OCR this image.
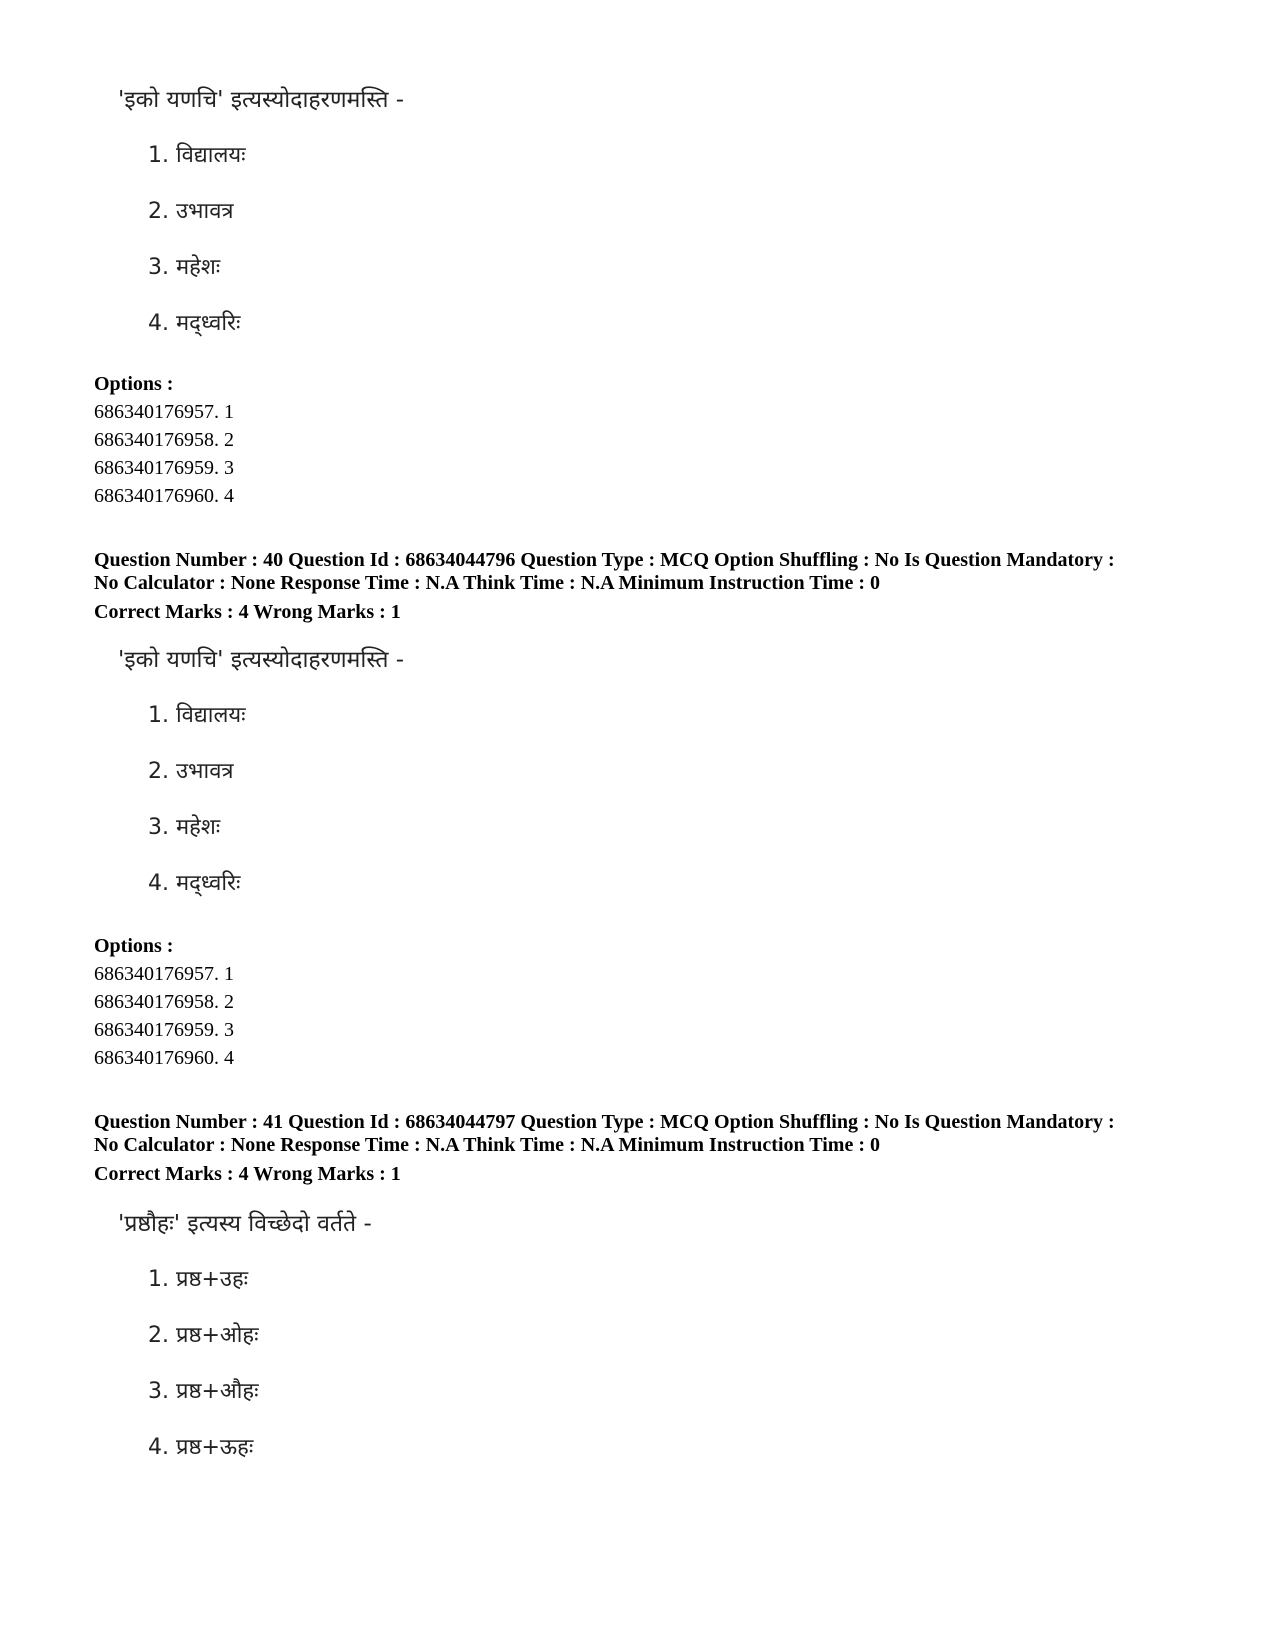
'इको यणचि' इत्यस्योदाहरणमस्ति -
1. विद्यालयः
2. उभावत्र
3. महेशः
4. मद्ध्वरिः
Options :
686340176957. 1
686340176958. 2
686340176959. 3
686340176960. 4
Question Number : 40 Question Id : 68634044796 Question Type : MCQ Option Shuffling : No Is Question Mandatory :
No Calculator : None Response Time : N.A Think Time : N.A Minimum Instruction Time : 0
Correct Marks : 4 Wrong Marks : 1
'इको यणचि' इत्यस्योदाहरणमस्ति -
1. विद्यालयः
2. उभावत्र
3. महेशः
4. मद्ध्वरिः
Options :
686340176957. 1
686340176958. 2
686340176959. 3
686340176960. 4
Question Number : 41 Question Id : 68634044797 Question Type : MCQ Option Shuffling : No Is Question Mandatory :
No Calculator : None Response Time : N.A Think Time : N.A Minimum Instruction Time : 0
Correct Marks : 4 Wrong Marks : 1
'प्रष्ठौहः' इत्यस्य विच्छेदो वर्तते -
1. प्रष्ठ+उहः
2. प्रष्ठ+ओहः
3. प्रष्ठ+औहः
4. प्रष्ठ+ऊहः
